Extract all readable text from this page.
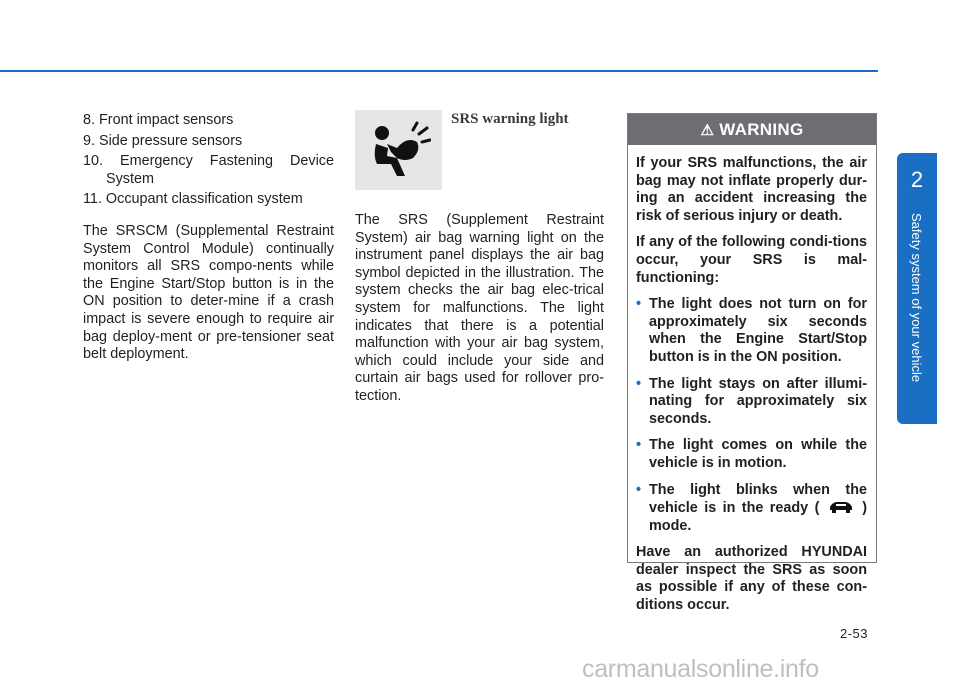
8. Front impact sensors
9. Side pressure sensors
10. Emergency Fastening Device System
11. Occupant classification system
The SRSCM (Supplemental Restraint System Control Module) continually monitors all SRS compo-nents while the Engine Start/Stop button is in the ON position to deter-mine if a crash impact is severe enough to require air bag deploy-ment or pre-tensioner seat belt deployment.
SRS warning light
The SRS (Supplement Restraint System) air bag warning light on the instrument panel displays the air bag symbol depicted in the illustration. The system checks the air bag elec-trical system for malfunctions. The light indicates that there is a potential malfunction with your air bag system, which could include your side and curtain air bags used for rollover pro-tection.
⚠ WARNING

If your SRS malfunctions, the air bag may not inflate properly dur-ing an accident increasing the risk of serious injury or death.

If any of the following condi-tions occur, your SRS is mal-functioning:

• The light does not turn on for approximately six seconds when the Engine Start/Stop button is in the ON position.
• The light stays on after illumi-nating for approximately six seconds.
• The light comes on while the vehicle is in motion.
• The light blinks when the vehicle is in the ready (	) mode.

Have an authorized HYUNDAI dealer inspect the SRS as soon as possible if any of these con-ditions occur.

2
Safety system of your vehicle
2-53
carmanualsonline.info
